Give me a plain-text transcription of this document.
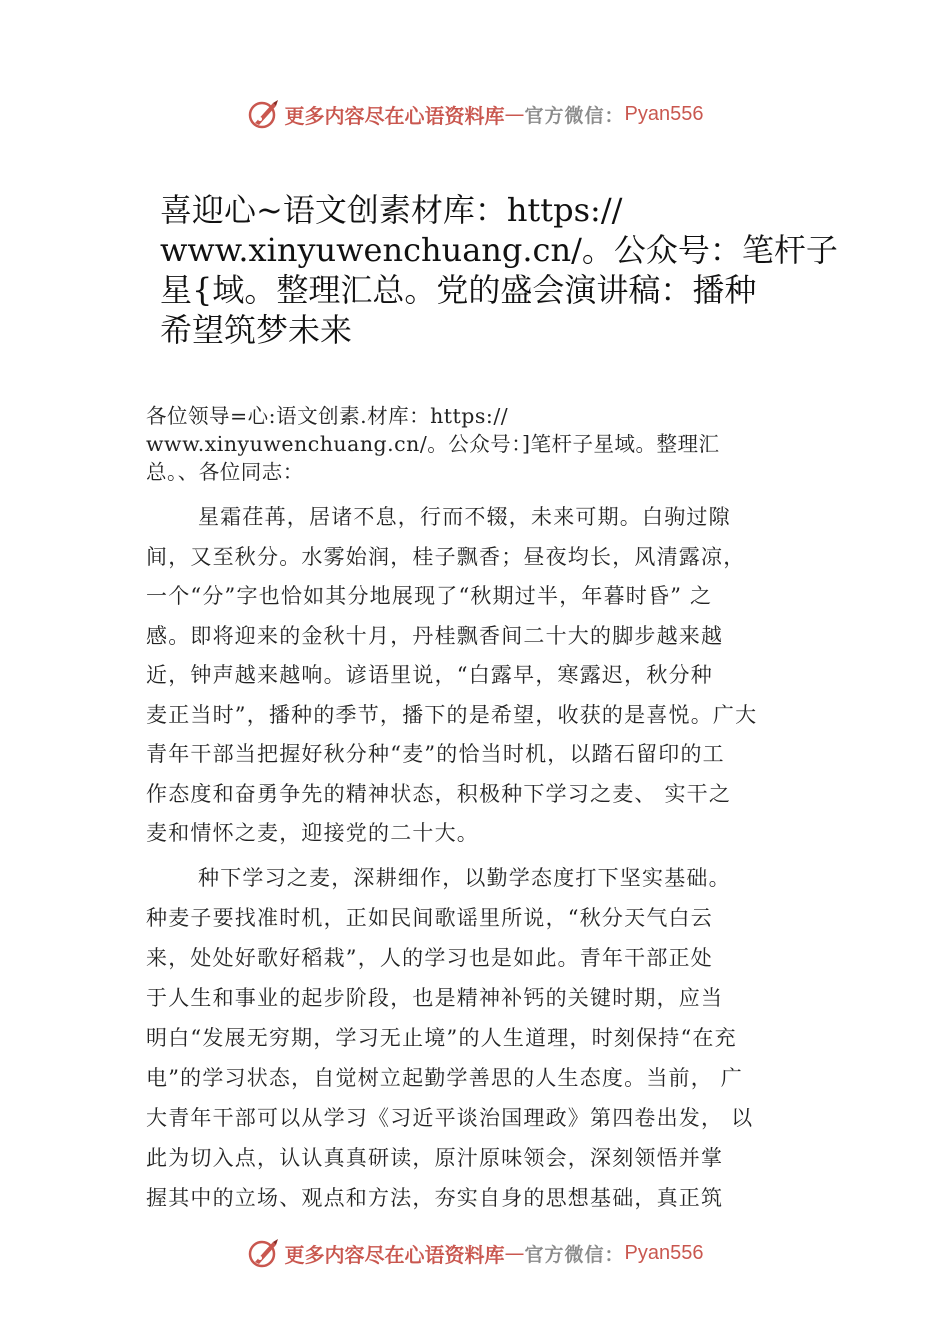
更多内容尽在心语资料库 — 官方微信： Pyan556
喜迎心~语文创素材库：https://
www.xinyuwenchuang.cn/。公众号：笔杆子
星{域。整理汇总。党的盛会演讲稿：播种
希望筑梦未来
各位领导=心:语文创素.材库：https://
www.xinyuwenchuang.cn/。公众号：]笔杆子星域。整理汇
总。、各位同志：
星霜荏苒，居诸不息，行而不辍，未来可期。白驹过隙
间，又至秋分。水雾始润，桂子飘香；昼夜均长，风清露凉，
一个“分”字也恰如其分地展现了“秋期过半，年暮时昏” 之
感。即将迎来的金秋十月，丹桂飘香间二十大的脚步越来越
近，钟声越来越响。谚语里说，“白露早，寒露迟，秋分种
麦正当时”，播种的季节，播下的是希望，收获的是喜悦。广大
青年干部当把握好秋分种“麦”的恰当时机，以踏石留印的工
作态度和奋勇争先的精神状态，积极种下学习之麦、 实干之
麦和情怀之麦，迎接党的二十大。
种下学习之麦，深耕细作，以勤学态度打下坚实基础。
种麦子要找准时机，正如民间歌谣里所说，“秋分天气白云
来，处处好歌好稻栽”，人的学习也是如此。青年干部正处
于人生和事业的起步阶段，也是精神补钙的关键时期，应当
明白“发展无穷期，学习无止境”的人生道理，时刻保持“在充
电”的学习状态，自觉树立起勤学善思的人生态度。当前， 广
大青年干部可以从学习《习近平谈治国理政》第四卷出发， 以
此为切入点，认认真真研读，原汁原味领会，深刻领悟并掌
握其中的立场、观点和方法，夯实自身的思想基础，真正筑
更多内容尽在心语资料库 — 官方微信： Pyan556
